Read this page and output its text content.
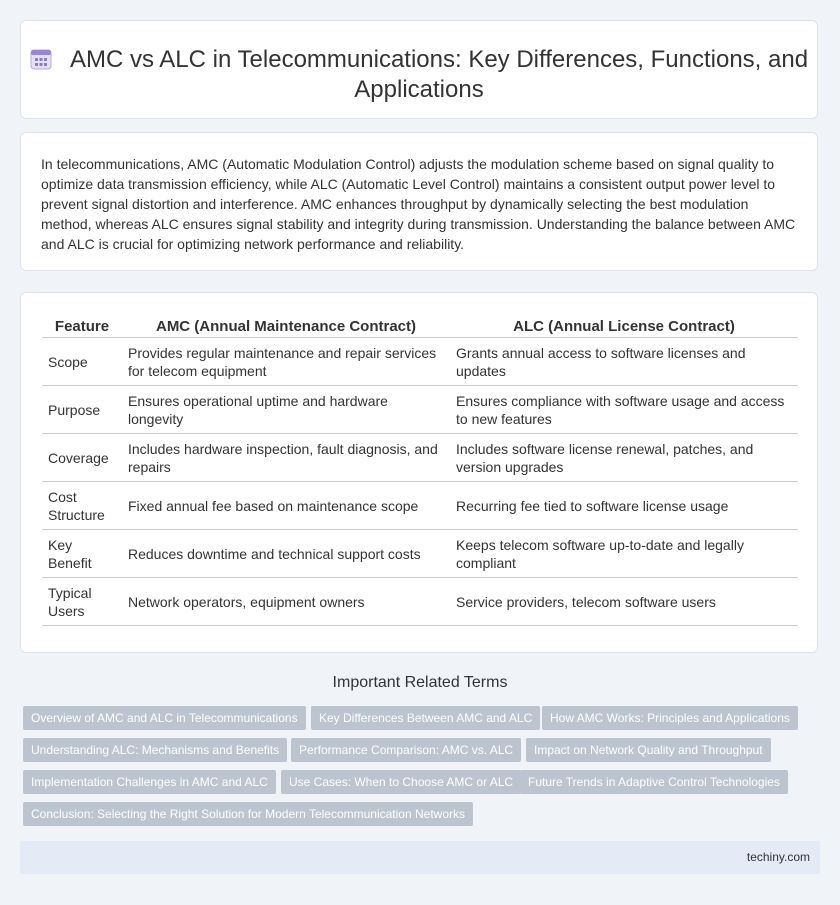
AMC vs ALC in Telecommunications: Key Differences, Functions, and Applications

In telecommunications, AMC (Automatic Modulation Control) adjusts the modulation scheme based on signal quality to optimize data transmission efficiency, while ALC (Automatic Level Control) maintains a consistent output power level to prevent signal distortion and interference. AMC enhances throughput by dynamically selecting the best modulation method, whereas ALC ensures signal stability and integrity during transmission. Understanding the balance between AMC and ALC is crucial for optimizing network performance and reliability.

Feature	AMC (Annual Maintenance Contract)	ALC (Annual License Contract)
Scope	Provides regular maintenance and repair services for telecom equipment	Grants annual access to software licenses and updates
Purpose	Ensures operational uptime and hardware longevity	Ensures compliance with software usage and access to new features
Coverage	Includes hardware inspection, fault diagnosis, and repairs	Includes software license renewal, patches, and version upgrades
Cost Structure	Fixed annual fee based on maintenance scope	Recurring fee tied to software license usage
Key Benefit	Reduces downtime and technical support costs	Keeps telecom software up-to-date and legally compliant
Typical Users	Network operators, equipment owners	Service providers, telecom software users
Important Related Terms
Overview of AMC and ALC in Telecommunications	Key Differences Between AMC and ALC	How AMC Works: Principles and Applications
Understanding ALC: Mechanisms and Benefits	Performance Comparison: AMC vs. ALC	Impact on Network Quality and Throughput
Implementation Challenges in AMC and ALC	Use Cases: When to Choose AMC or ALC	Future Trends in Adaptive Control Technologies
Conclusion: Selecting the Right Solution for Modern Telecommunication Networks
techiny.com
